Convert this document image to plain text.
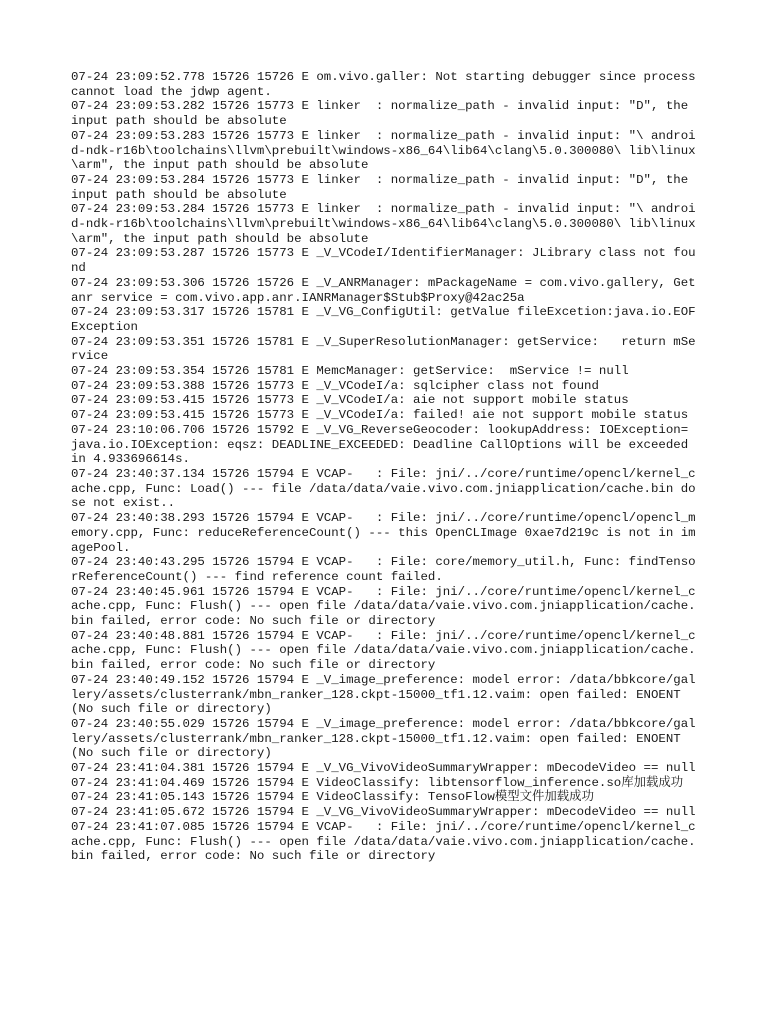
07-24 23:09:52.778 15726 15726 E om.vivo.galler: Not starting debugger since process cannot load the jdwp agent.

07-24 23:09:53.282 15726 15773 E linker  : normalize_path - invalid input: "D", the input path should be absolute

07-24 23:09:53.283 15726 15773 E linker  : normalize_path - invalid input: "\ android-ndk-r16b\toolchains\llvm\prebuilt\windows-x86_64\lib64\clang\5.0.300080\ lib\linux\arm", the input path should be absolute

07-24 23:09:53.284 15726 15773 E linker  : normalize_path - invalid input: "D", the input path should be absolute

07-24 23:09:53.284 15726 15773 E linker  : normalize_path - invalid input: "\ android-ndk-r16b\toolchains\llvm\prebuilt\windows-x86_64\lib64\clang\5.0.300080\ lib\linux\arm", the input path should be absolute

07-24 23:09:53.287 15726 15773 E _V_VCodeI/IdentifierManager: JLibrary class not found

07-24 23:09:53.306 15726 15726 E _V_ANRManager: mPackageName = com.vivo.gallery, Get anr service = com.vivo.app.anr.IANRManager$Stub$Proxy@42ac25a

07-24 23:09:53.317 15726 15781 E _V_VG_ConfigUtil: getValue fileExcetion:java.io.EOFException

07-24 23:09:53.351 15726 15781 E _V_SuperResolutionManager: getService:   return mService

07-24 23:09:53.354 15726 15781 E MemcManager: getService:  mService != null

07-24 23:09:53.388 15726 15773 E _V_VCodeI/a: sqlcipher class not found

07-24 23:09:53.415 15726 15773 E _V_VCodeI/a: aie not support mobile status

07-24 23:09:53.415 15726 15773 E _V_VCodeI/a: failed! aie not support mobile status

07-24 23:10:06.706 15726 15792 E _V_VG_ReverseGeocoder: lookupAddress: IOException= java.io.IOException: eqsz: DEADLINE_EXCEEDED: Deadline CallOptions will be exceeded in 4.933696614s.

07-24 23:40:37.134 15726 15794 E VCAP-   : File: jni/../core/runtime/opencl/kernel_cache.cpp, Func: Load() --- file /data/data/vaie.vivo.com.jniapplication/cache.bin dose not exist..

07-24 23:40:38.293 15726 15794 E VCAP-   : File: jni/../core/runtime/opencl/opencl_memory.cpp, Func: reduceReferenceCount() --- this OpenCLImage 0xae7d219c is not in imagePool.

07-24 23:40:43.295 15726 15794 E VCAP-   : File: core/memory_util.h, Func: findTensorReferenceCount() --- find reference count failed.

07-24 23:40:45.961 15726 15794 E VCAP-   : File: jni/../core/runtime/opencl/kernel_cache.cpp, Func: Flush() --- open file /data/data/vaie.vivo.com.jniapplication/cache.bin failed, error code: No such file or directory

07-24 23:40:48.881 15726 15794 E VCAP-   : File: jni/../core/runtime/opencl/kernel_cache.cpp, Func: Flush() --- open file /data/data/vaie.vivo.com.jniapplication/cache.bin failed, error code: No such file or directory

07-24 23:40:49.152 15726 15794 E _V_image_preference: model error: /data/bbkcore/gallery/assets/clusterrank/mbn_ranker_128.ckpt-15000_tf1.12.vaim: open failed: ENOENT (No such file or directory)

07-24 23:40:55.029 15726 15794 E _V_image_preference: model error: /data/bbkcore/gallery/assets/clusterrank/mbn_ranker_128.ckpt-15000_tf1.12.vaim: open failed: ENOENT (No such file or directory)

07-24 23:41:04.381 15726 15794 E _V_VG_VivoVideoSummaryWrapper: mDecodeVideo == null

07-24 23:41:04.469 15726 15794 E VideoClassify: libtensorflow_inference.so库加载成功

07-24 23:41:05.143 15726 15794 E VideoClassify: TensoFlow模型文件加载成功

07-24 23:41:05.672 15726 15794 E _V_VG_VivoVideoSummaryWrapper: mDecodeVideo == null

07-24 23:41:07.085 15726 15794 E VCAP-   : File: jni/../core/runtime/opencl/kernel_cache.cpp, Func: Flush() --- open file /data/data/vaie.vivo.com.jniapplication/cache.bin failed, error code: No such file or directory
